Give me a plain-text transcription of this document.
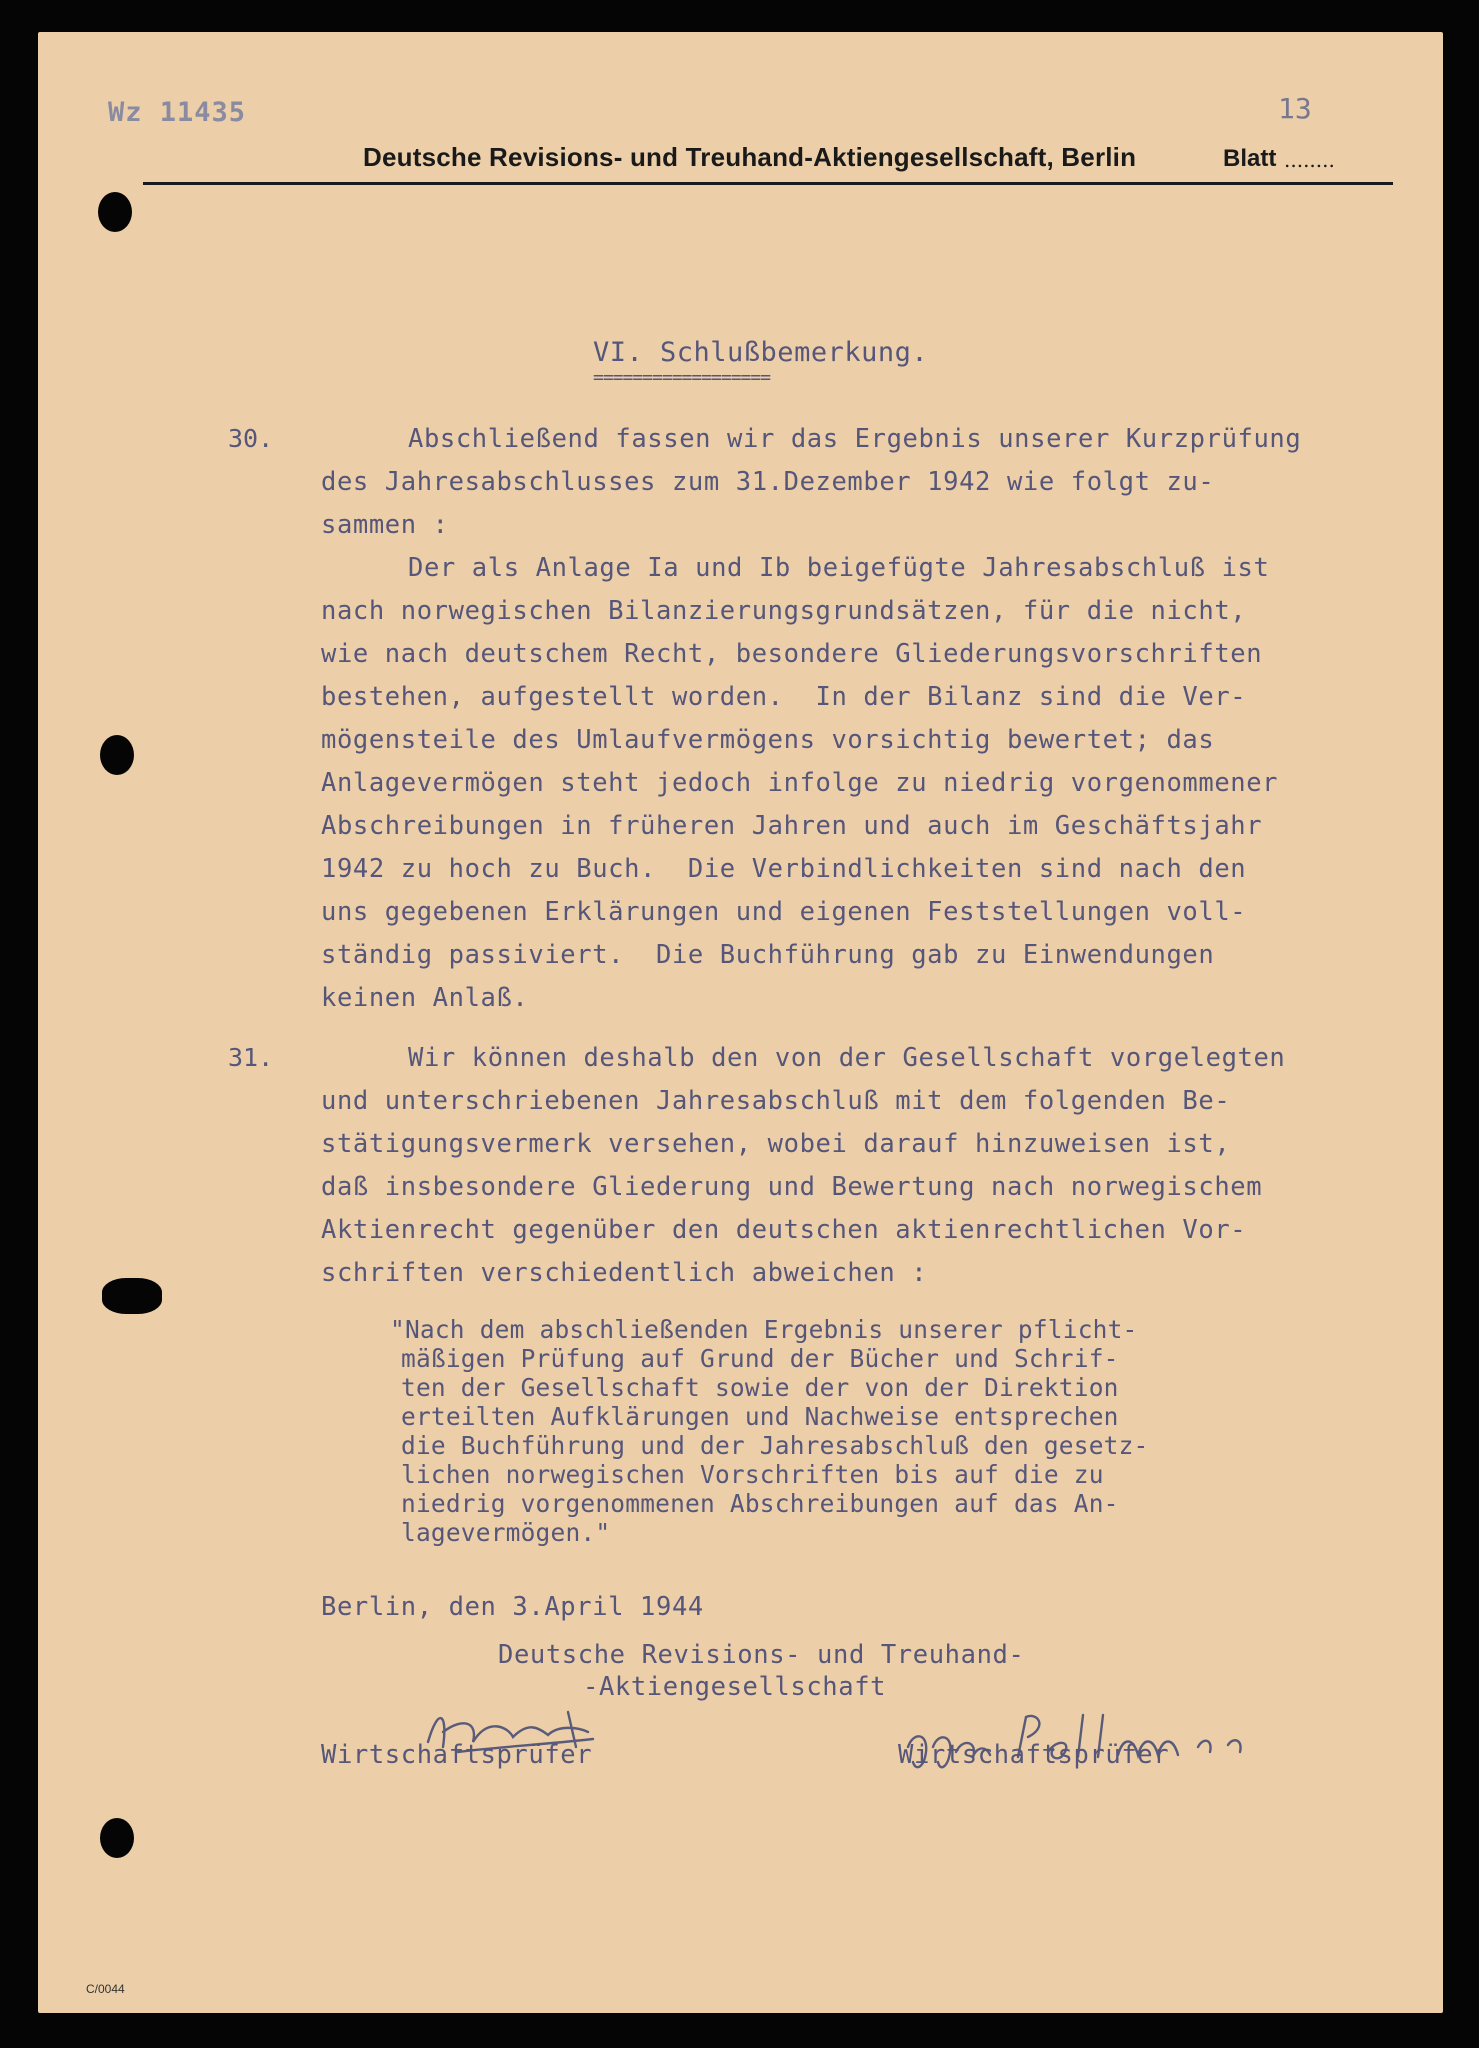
Wz 11435	13
Deutsche Revisions- und Treuhand-Aktiengesellschaft, Berlin	Blatt ........
VI. Schlußbemerkung.
==================
30.	Abschließend fassen wir das Ergebnis unserer Kurzprüfung
des Jahresabschlusses zum 31.Dezember 1942 wie folgt zu-
sammen :
Der als Anlage Ia und Ib beigefügte Jahresabschluß ist
nach norwegischen Bilanzierungsgrundsätzen, für die nicht,
wie nach deutschem Recht, besondere Gliederungsvorschriften
bestehen, aufgestellt worden.  In der Bilanz sind die Ver-
mögensteile des Umlaufvermögens vorsichtig bewertet; das
Anlagevermögen steht jedoch infolge zu niedrig vorgenommener
Abschreibungen in früheren Jahren und auch im Geschäftsjahr
1942 zu hoch zu Buch.  Die Verbindlichkeiten sind nach den
uns gegebenen Erklärungen und eigenen Feststellungen voll-
ständig passiviert.  Die Buchführung gab zu Einwendungen
keinen Anlaß.
31.	Wir können deshalb den von der Gesellschaft vorgelegten
und unterschriebenen Jahresabschluß mit dem folgenden Be-
stätigungsvermerk versehen, wobei darauf hinzuweisen ist,
daß insbesondere Gliederung und Bewertung nach norwegischem
Aktienrecht gegenüber den deutschen aktienrechtlichen Vor-
schriften verschiedentlich abweichen :
"Nach dem abschließenden Ergebnis unserer pflicht-
mäßigen Prüfung auf Grund der Bücher und Schrif-
ten der Gesellschaft sowie der von der Direktion
erteilten Aufklärungen und Nachweise entsprechen
die Buchführung und der Jahresabschluß den gesetz-
lichen norwegischen Vorschriften bis auf die zu
niedrig vorgenommenen Abschreibungen auf das An-
lagevermögen."
Berlin, den 3.April 1944
Deutsche Revisions- und Treuhand-
-Aktiengesellschaft
Wirtschaftsprüfer	Wirtschaftsprüfer
C/0044
